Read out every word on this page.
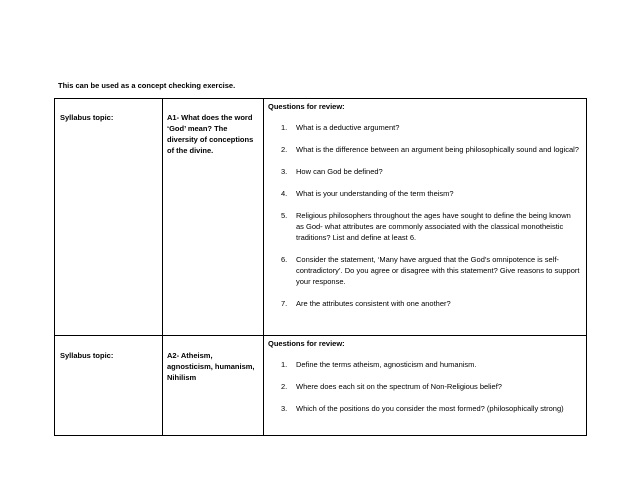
This can be used as a concept checking exercise.
Syllabus topic:	A1- What does the word ‘God’ mean? The diversity of conceptions of the divine.
Questions for review:
1. What is a deductive argument?
2. What is the difference between an argument being philosophically sound and logical?
3. How can God be defined?
4. What is your understanding of the term theism?
5. Religious philosophers throughout the ages have sought to define the being known as God- what attributes are commonly associated with the classical monotheistic traditions? List and define at least 6.
6. Consider the statement, ‘Many have argued that the God’s omnipotence is self-contradictory’. Do you agree or disagree with this statement? Give reasons to support your response.
7. Are the attributes consistent with one another?
Syllabus topic:	A2- Atheism, agnosticism, humanism, Nihilism
Questions for review:
1. Define the terms atheism, agnosticism and humanism.
2. Where does each sit on the spectrum of Non-Religious belief?
3. Which of the positions do you consider the most formed? (philosophically strong)
